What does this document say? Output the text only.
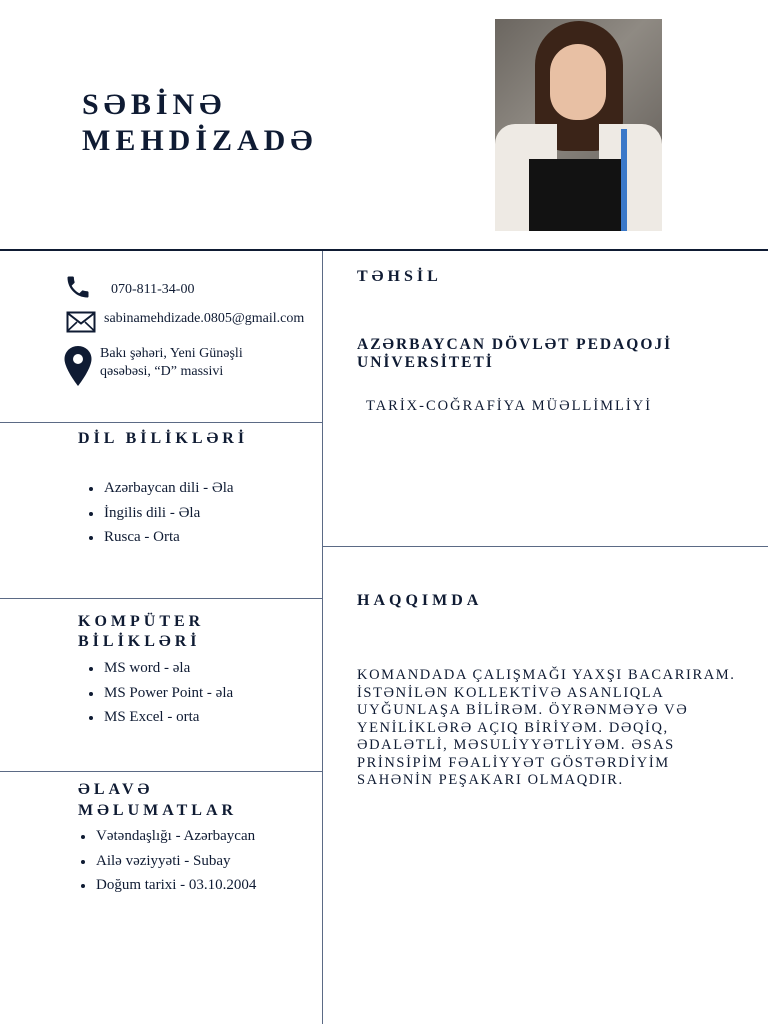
SƏBİNƏ
MEHDİZADƏ
070-811-34-00
sabinamehdizade.0805@gmail.com
Bakı şəhəri, Yeni Günəşli
qəsəbəsi, “D” massivi
DİL BİLİKLƏRİ
Azərbaycan dili - Əla
İngilis dili - Əla
Rusca - Orta
KOMPÜTER
BİLİKLƏRİ
MS word - əla
MS Power Point - əla
MS Excel - orta
ƏLAVƏ
MƏLUMATLAR
Vətəndaşlığı - Azərbaycan
Ailə vəziyyəti - Subay
Doğum tarixi - 03.10.2004
TƏHSİL
AZƏRBAYCAN DÖVLƏT PEDAQOJİ UNİVERSİTETİ
TARİX-COĞRAFİYA MÜƏLLİMLİYİ
HAQQIMDA
KOMANDADA ÇALIŞMAĞI YAXŞI BACARIRAM. İSTƏNİLƏN KOLLEKTİVƏ ASANLIQLA UYĞUNLAŞA BİLİRƏM. ÖYRƏNMƏYƏ VƏ YENİLİKLƏRƏ AÇIQ BİRİYƏM. DƏQİQ, ƏDALƏTLİ, MƏSULİYYƏTLİYƏM. ƏSAS PRİNSİPİM FƏALİYYƏT GÖSTƏRDİYİM SAHƏNİN PEŞAKARI OLMAQDIR.
